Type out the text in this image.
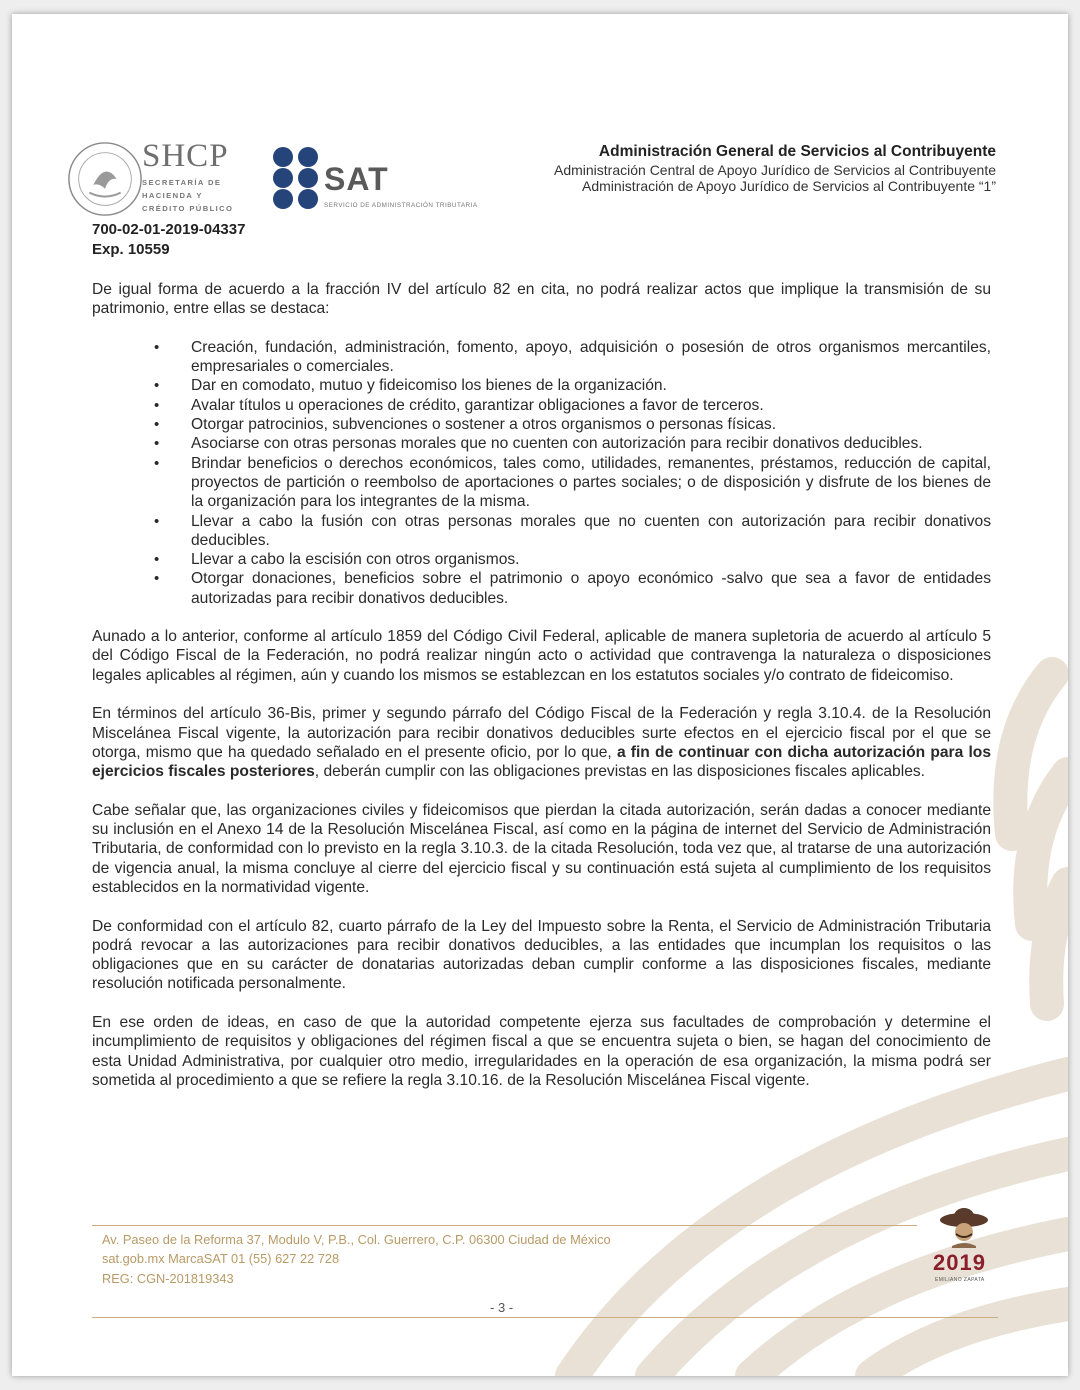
SHCP
SECRETARÍA DE
HACIENDA Y
CRÉDITO PÚBLICO
SAT
SERVICIO DE ADMINISTRACIÓN TRIBUTARIA
Administración General de Servicios al Contribuyente
Administración Central de Apoyo Jurídico de Servicios al Contribuyente
Administración de Apoyo Jurídico de Servicios al Contribuyente “1”
700-02-01-2019-04337
Exp. 10559

De igual forma de acuerdo a la fracción IV del artículo 82 en cita, no podrá realizar actos que implique la transmisión de su patrimonio, entre ellas se destaca:

• Creación, fundación, administración, fomento, apoyo, adquisición o posesión de otros organismos mercantiles, empresariales o comerciales.
• Dar en comodato, mutuo y fideicomiso los bienes de la organización.
• Avalar títulos u operaciones de crédito, garantizar obligaciones a favor de terceros.
• Otorgar patrocinios, subvenciones o sostener a otros organismos o personas físicas.
• Asociarse con otras personas morales que no cuenten con autorización para recibir donativos deducibles.
• Brindar beneficios o derechos económicos, tales como, utilidades, remanentes, préstamos, reducción de capital, proyectos de partición o reembolso de aportaciones o partes sociales; o de disposición y disfrute de los bienes de la organización para los integrantes de la misma.
• Llevar a cabo la fusión con otras personas morales que no cuenten con autorización para recibir donativos deducibles.
• Llevar a cabo la escisión con otros organismos.
• Otorgar donaciones, beneficios sobre el patrimonio o apoyo económico -salvo que sea a favor de entidades autorizadas para recibir donativos deducibles.

Aunado a lo anterior, conforme al artículo 1859 del Código Civil Federal, aplicable de manera supletoria de acuerdo al artículo 5 del Código Fiscal de la Federación, no podrá realizar ningún acto o actividad que contravenga la naturaleza o disposiciones legales aplicables al régimen, aún y cuando los mismos se establezcan en los estatutos sociales y/o contrato de fideicomiso.

En términos del artículo 36-Bis, primer y segundo párrafo del Código Fiscal de la Federación y regla 3.10.4. de la Resolución Miscelánea Fiscal vigente, la autorización para recibir donativos deducibles surte efectos en el ejercicio fiscal por el que se otorga, mismo que ha quedado señalado en el presente oficio, por lo que, a fin de continuar con dicha autorización para los ejercicios fiscales posteriores, deberán cumplir con las obligaciones previstas en las disposiciones fiscales aplicables.

Cabe señalar que, las organizaciones civiles y fideicomisos que pierdan la citada autorización, serán dadas a conocer mediante su inclusión en el Anexo 14 de la Resolución Miscelánea Fiscal, así como en la página de internet del Servicio de Administración Tributaria, de conformidad con lo previsto en la regla 3.10.3. de la citada Resolución, toda vez que, al tratarse de una autorización de vigencia anual, la misma concluye al cierre del ejercicio fiscal y su continuación está sujeta al cumplimiento de los requisitos establecidos en la normatividad vigente.

De conformidad con el artículo 82, cuarto párrafo de la Ley del Impuesto sobre la Renta, el Servicio de Administración Tributaria podrá revocar a las autorizaciones para recibir donativos deducibles, a las entidades que incumplan los requisitos o las obligaciones que en su carácter de donatarias autorizadas deban cumplir conforme a las disposiciones fiscales, mediante resolución notificada personalmente.

En ese orden de ideas, en caso de que la autoridad competente ejerza sus facultades de comprobación y determine el incumplimiento de requisitos y obligaciones del régimen fiscal a que se encuentra sujeta o bien, se hagan del conocimiento de esta Unidad Administrativa, por cualquier otro medio, irregularidades en la operación de esa organización, la misma podrá ser sometida al procedimiento a que se refiere la regla 3.10.16. de la Resolución Miscelánea Fiscal vigente.

Av. Paseo de la Reforma 37, Modulo V, P.B., Col. Guerrero, C.P. 06300 Ciudad de México
sat.gob.mx MarcaSAT 01 (55) 627 22 728
REG: CGN-201819343
2019
EMILIANO ZAPATA
- 3 -
